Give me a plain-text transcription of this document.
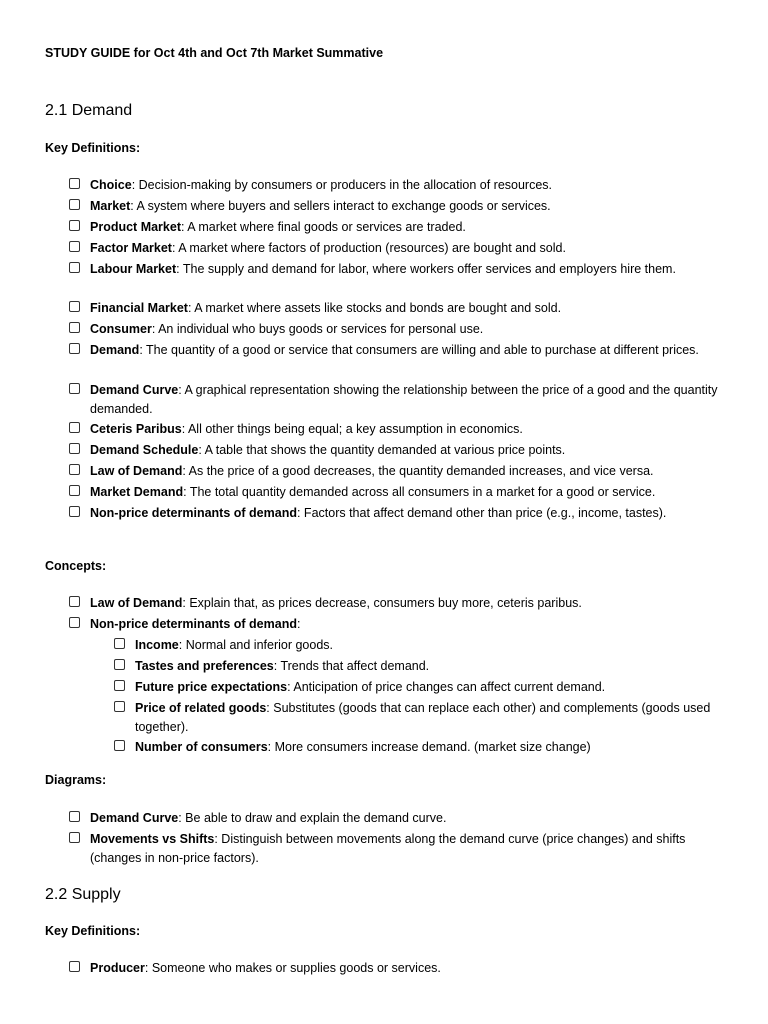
STUDY GUIDE for Oct 4th and Oct 7th Market Summative
2.1 Demand
Key Definitions:
Choice: Decision-making by consumers or producers in the allocation of resources.
Market: A system where buyers and sellers interact to exchange goods or services.
Product Market: A market where final goods or services are traded.
Factor Market: A market where factors of production (resources) are bought and sold.
Labour Market: The supply and demand for labor, where workers offer services and employers hire them.
Financial Market: A market where assets like stocks and bonds are bought and sold.
Consumer: An individual who buys goods or services for personal use.
Demand: The quantity of a good or service that consumers are willing and able to purchase at different prices.
Demand Curve: A graphical representation showing the relationship between the price of a good and the quantity demanded.
Ceteris Paribus: All other things being equal; a key assumption in economics.
Demand Schedule: A table that shows the quantity demanded at various price points.
Law of Demand: As the price of a good decreases, the quantity demanded increases, and vice versa.
Market Demand: The total quantity demanded across all consumers in a market for a good or service.
Non-price determinants of demand: Factors that affect demand other than price (e.g., income, tastes).
Concepts:
Law of Demand: Explain that, as prices decrease, consumers buy more, ceteris paribus.
Non-price determinants of demand:
Income: Normal and inferior goods.
Tastes and preferences: Trends that affect demand.
Future price expectations: Anticipation of price changes can affect current demand.
Price of related goods: Substitutes (goods that can replace each other) and complements (goods used together).
Number of consumers: More consumers increase demand. (market size change)
Diagrams:
Demand Curve: Be able to draw and explain the demand curve.
Movements vs Shifts: Distinguish between movements along the demand curve (price changes) and shifts (changes in non-price factors).
2.2 Supply
Key Definitions:
Producer: Someone who makes or supplies goods or services.
